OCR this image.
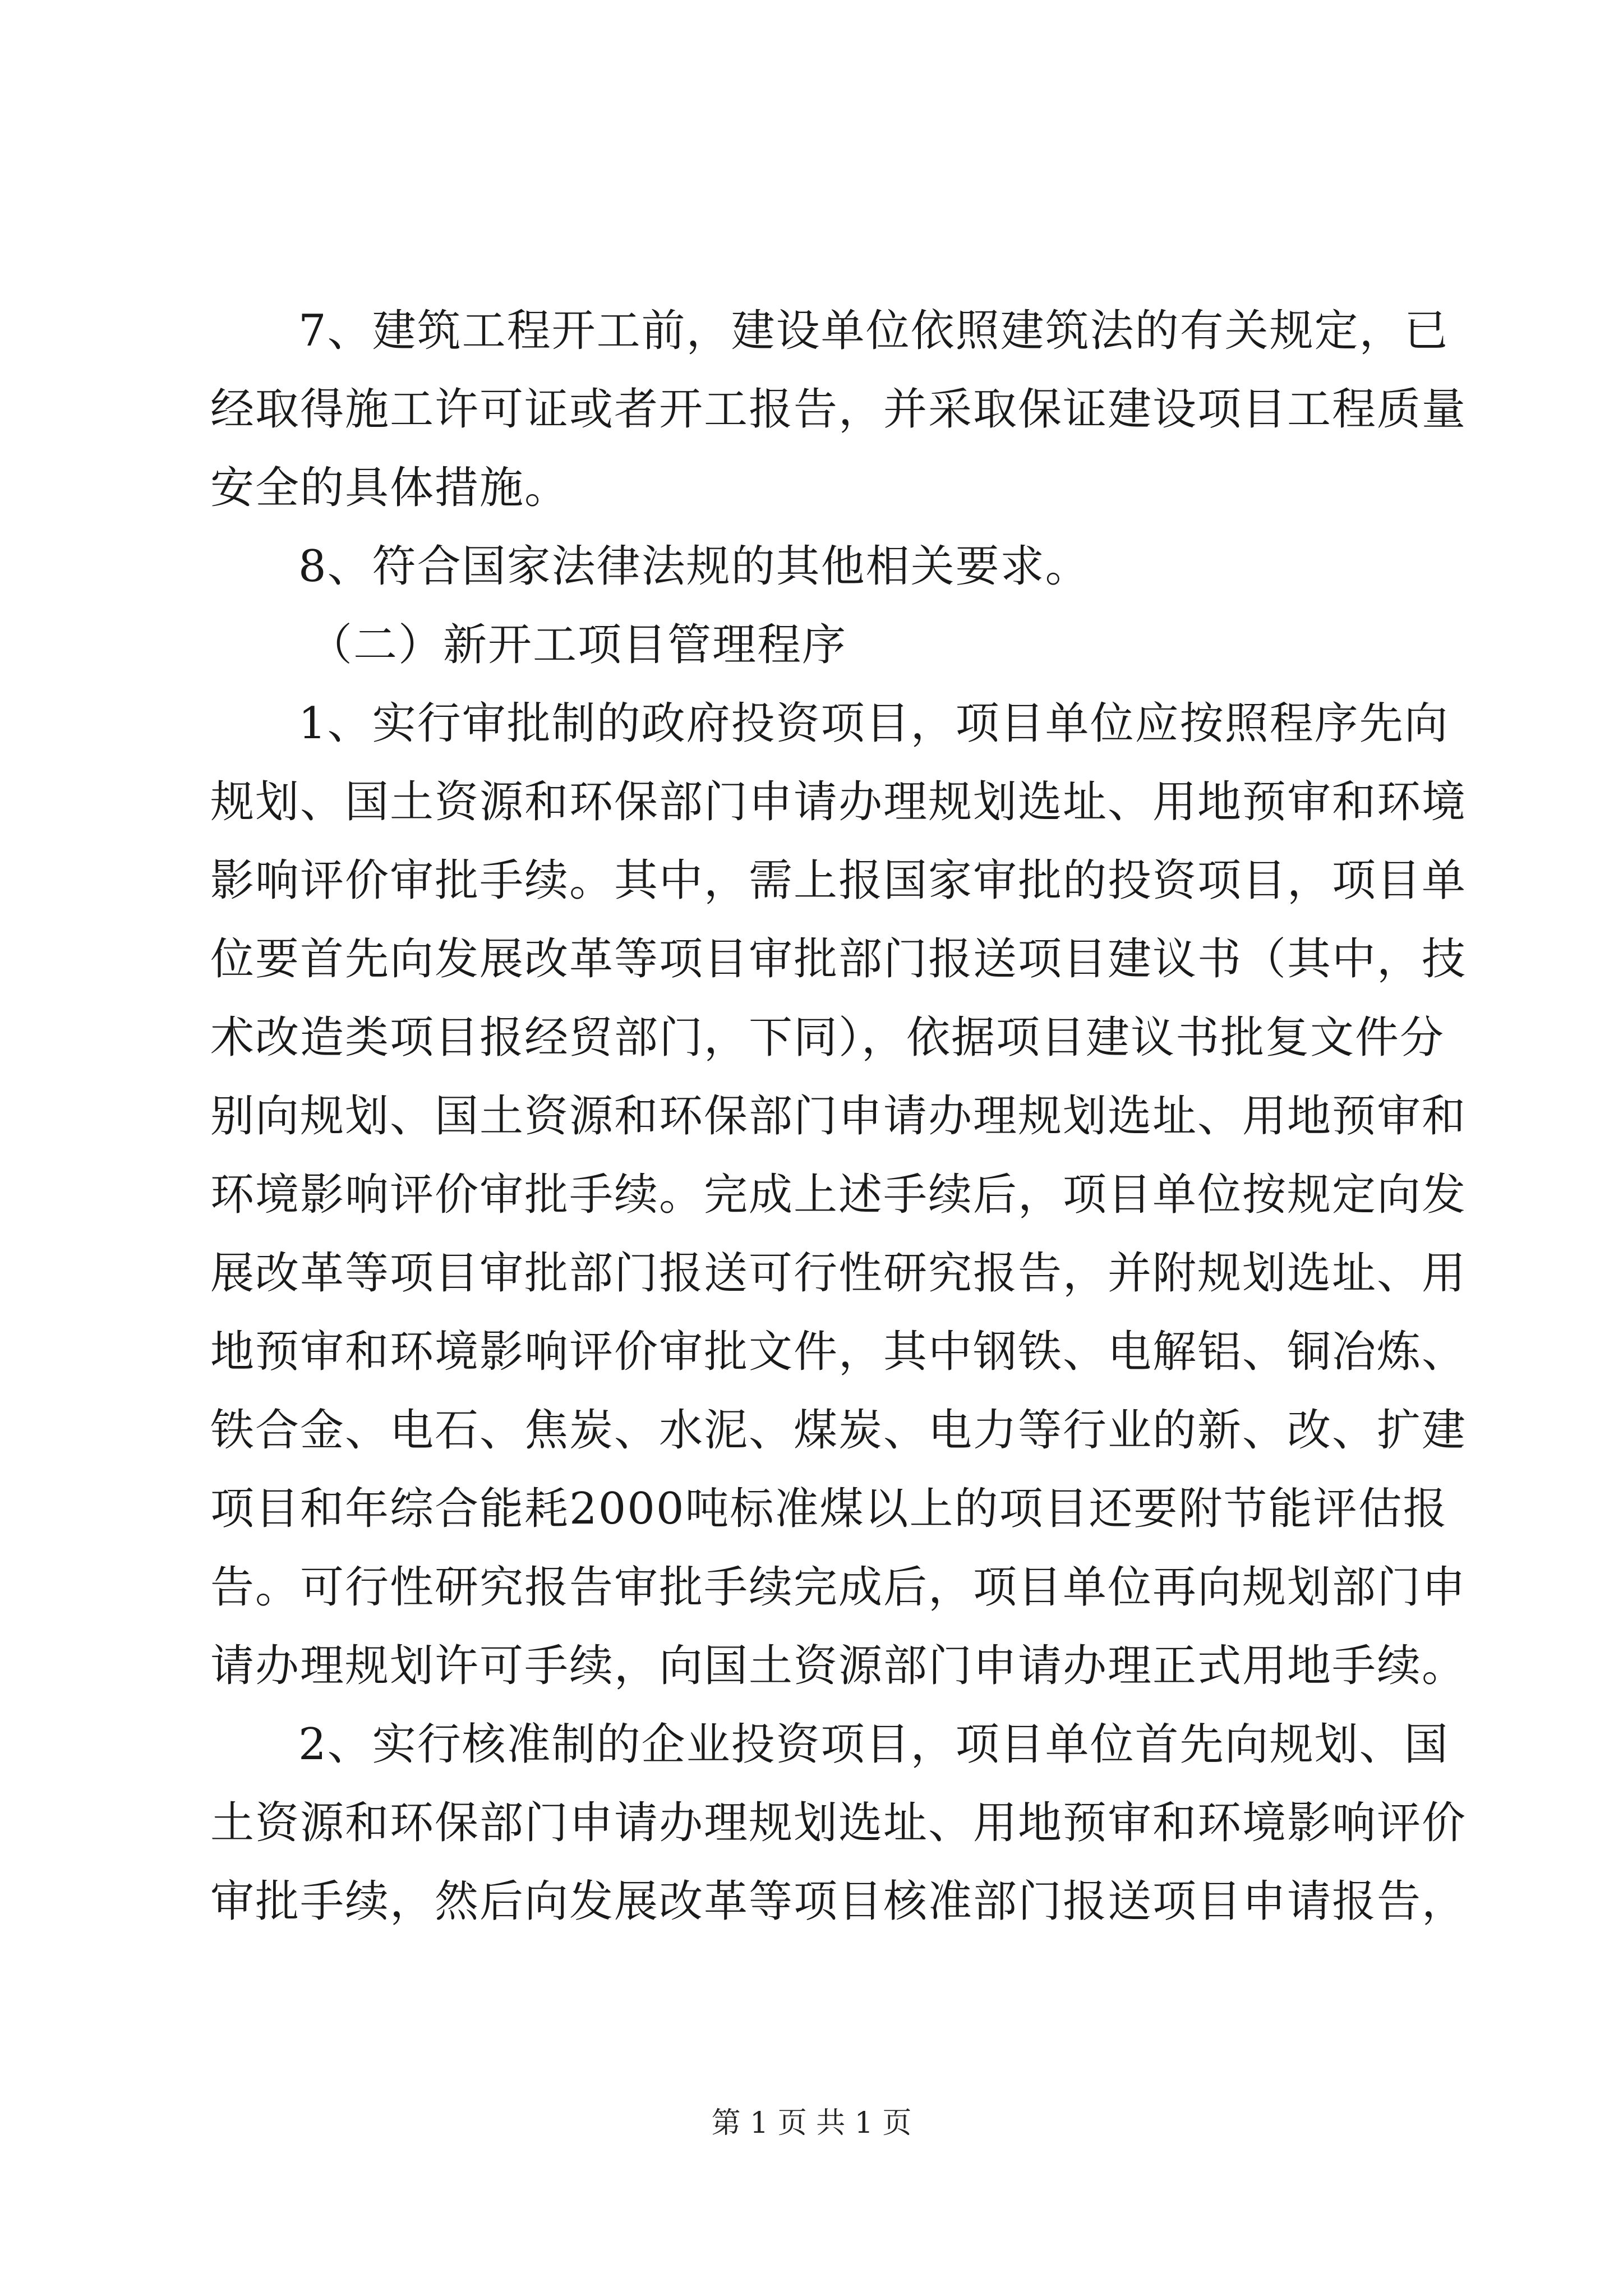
7、建筑工程开工前，建设单位依照建筑法的有关规定，已
经取得施工许可证或者开工报告，并采取保证建设项目工程质量
安全的具体措施。
8、符合国家法律法规的其他相关要求。
（二）新开工项目管理程序
1、实行审批制的政府投资项目，项目单位应按照程序先向
规划、国土资源和环保部门申请办理规划选址、用地预审和环境
影响评价审批手续。其中，需上报国家审批的投资项目，项目单
位要首先向发展改革等项目审批部门报送项目建议书（其中，技
术改造类项目报经贸部门，下同），依据项目建议书批复文件分
别向规划、国土资源和环保部门申请办理规划选址、用地预审和
环境影响评价审批手续。完成上述手续后，项目单位按规定向发
展改革等项目审批部门报送可行性研究报告，并附规划选址、用
地预审和环境影响评价审批文件，其中钢铁、电解铝、铜冶炼、
铁合金、电石、焦炭、水泥、煤炭、电力等行业的新、改、扩建
项目和年综合能耗2000吨标准煤以上的项目还要附节能评估报
告。可行性研究报告审批手续完成后，项目单位再向规划部门申
请办理规划许可手续，向国土资源部门申请办理正式用地手续。
2、实行核准制的企业投资项目，项目单位首先向规划、国
土资源和环保部门申请办理规划选址、用地预审和环境影响评价
审批手续，然后向发展改革等项目核准部门报送项目申请报告，
第 1 页 共 1 页
